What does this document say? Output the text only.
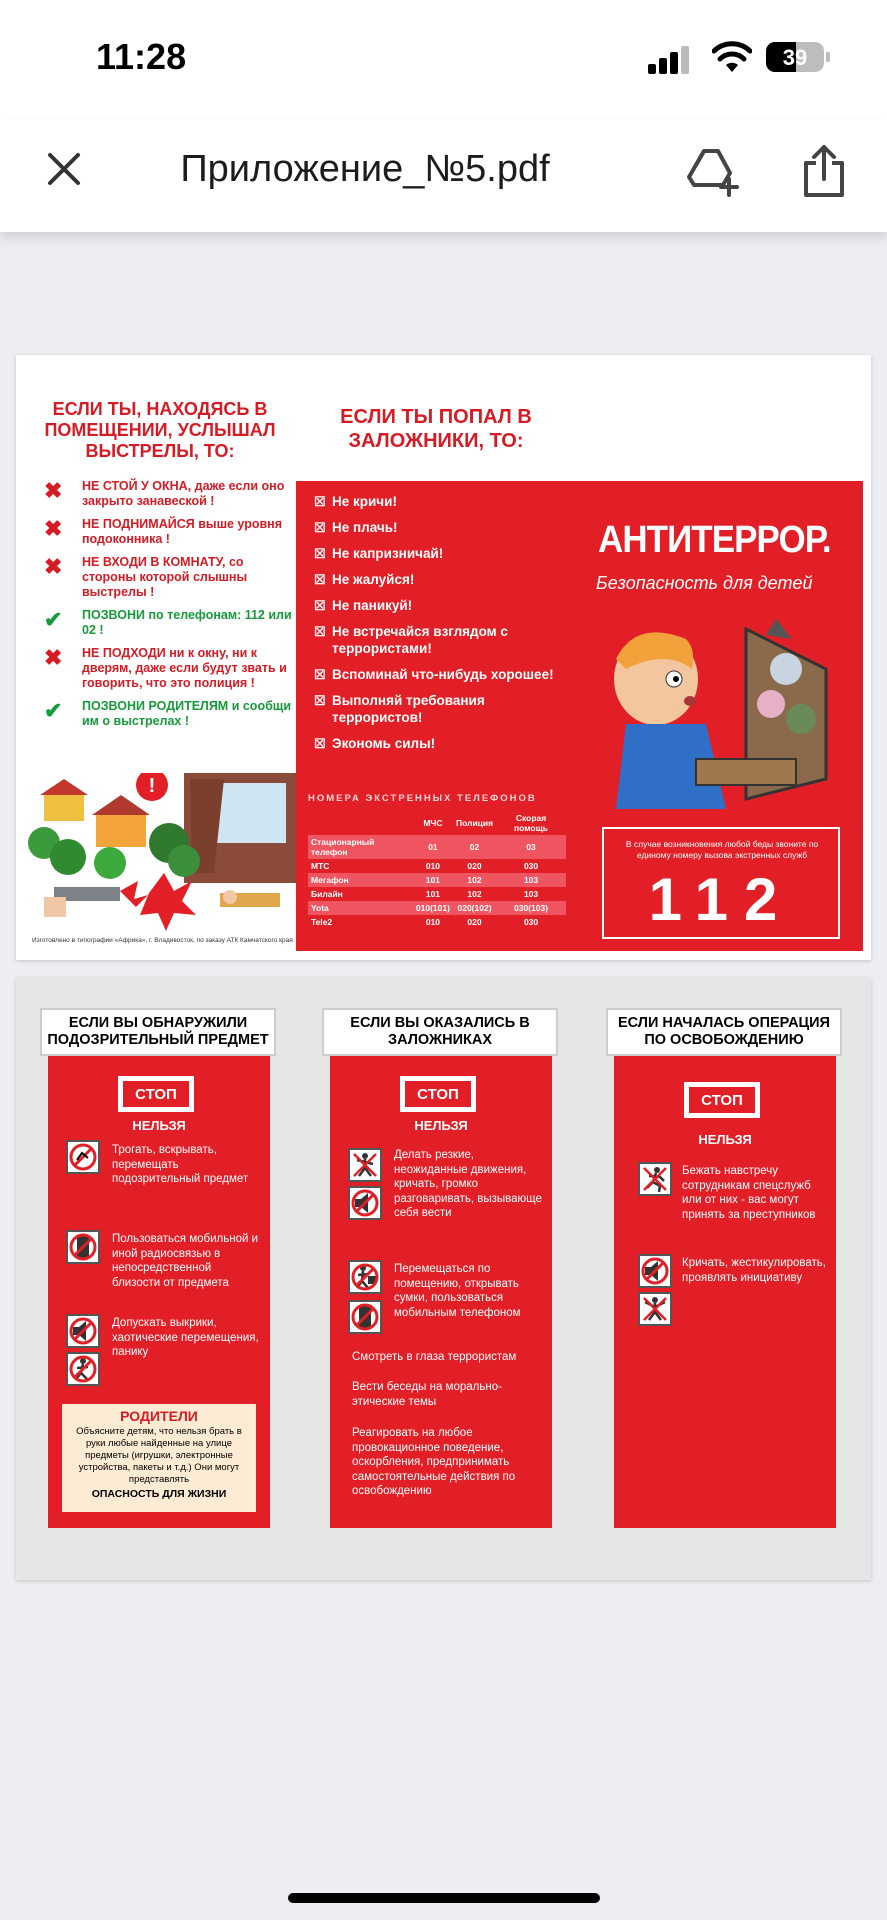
11:28	39
Приложение_№5.pdf
ЕСЛИ ТЫ, НАХОДЯСЬ В ПОМЕЩЕНИИ, УСЛЫШАЛ ВЫСТРЕЛЫ, ТО:
✖ НЕ СТОЙ У ОКНА, даже если оно закрыто занавеской !
✖ НЕ ПОДНИМАЙСЯ выше уровня подоконника !
✖ НЕ ВХОДИ В КОМНАТУ, со стороны которой слышны выстрелы !
✔ ПОЗВОНИ по телефонам: 112 или 02 !
✖ НЕ ПОДХОДИ ни к окну, ни к дверям, даже если будут звать и говорить, что это полиция !
✔ ПОЗВОНИ РОДИТЕЛЯМ и сообщи им о выстрелах !
!
Изготовлено в типографии «Африка», г. Владивосток, по заказу АТК Камчатского края
ЕСЛИ ТЫ ПОПАЛ В ЗАЛОЖНИКИ, ТО:
☒ Не кричи!
☒ Не плачь!
☒ Не капризничай!
☒ Не жалуйся!
☒ Не паникуй!
☒ Не встречайся взглядом с террористами!
☒ Вспоминай что-нибудь хорошее!
☒ Выполняй требования террористов!
☒ Экономь силы!
НОМЕРА ЭКСТРЕННЫХ ТЕЛЕФОНОВ
	МЧС	Полиция	Скорая помощь
Стационарный телефон	01	02	03
МТС	010	020	030
Мегафон	101	102	103
Билайн	101	102	103
Yota	010(101)	020(102)	030(103)
Tele2	010	020	030
АНТИТЕРРОР.
Безопасность для детей
В случае возникновения любой беды звоните по единому номеру вызова экстренных служб
112
ЕСЛИ ВЫ ОБНАРУЖИЛИ ПОДОЗРИТЕЛЬНЫЙ ПРЕДМЕТ
СТОП
НЕЛЬЗЯ
Трогать, вскрывать, перемещать подозрительный предмет
Пользоваться мобильной и иной радиосвязью в непосредственной близости от предмета
Допускать выкрики, хаотические перемещения, панику
РОДИТЕЛИ
Объясните детям, что нельзя брать в руки любые найденные на улице предметы (игрушки, электронные устройства, пакеты и т.д.) Они могут представлять
ОПАСНОСТЬ ДЛЯ ЖИЗНИ
ЕСЛИ ВЫ ОКАЗАЛИСЬ В ЗАЛОЖНИКАХ
СТОП
НЕЛЬЗЯ
Делать резкие, неожиданные движения, кричать, громко разговаривать, вызывающе себя вести
Перемещаться по помещению, открывать сумки, пользоваться мобильным телефоном
Смотреть в глаза террористам
Вести беседы на морально-этические темы
Реагировать на любое провокационное поведение, оскорбления, предпринимать самостоятельные действия по освобождению
ЕСЛИ НАЧАЛАСЬ ОПЕРАЦИЯ ПО ОСВОБОЖДЕНИЮ
СТОП
НЕЛЬЗЯ
Бежать навстречу сотрудникам спецслужб или от них - вас могут принять за преступников
Кричать, жестикулировать, проявлять инициативу
